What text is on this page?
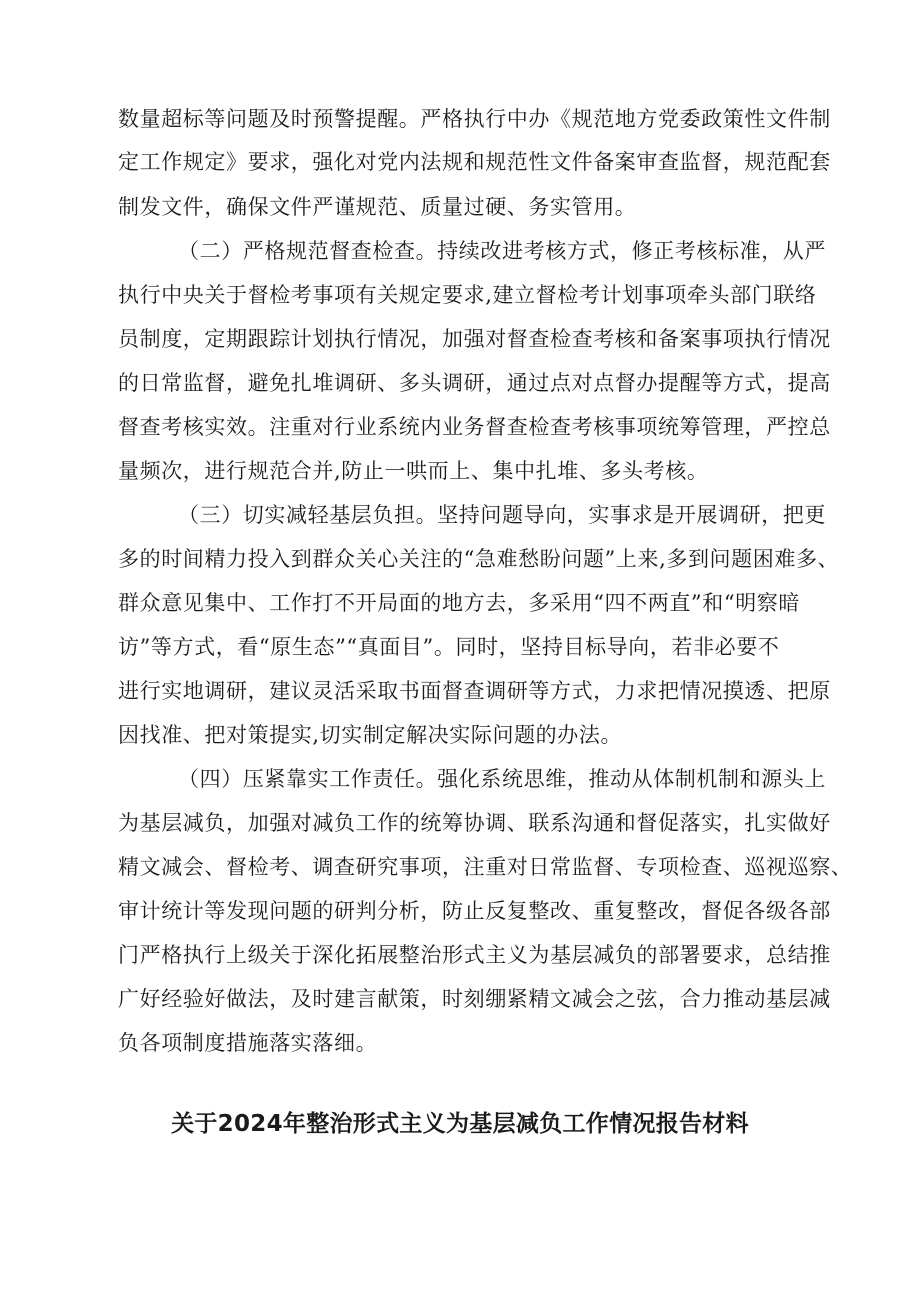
数量超标等问题及时预警提醒。严格执行中办《规范地方党委政策性文件制
定工作规定》要求，强化对党内法规和规范性文件备案审查监督，规范配套
制发文件，确保文件严谨规范、质量过硬、务实管用。
（二）严格规范督查检查。持续改进考核方式，修正考核标准，从严
执行中央关于督检考事项有关规定要求,建立督检考计划事项牵头部门联络
员制度，定期跟踪计划执行情况，加强对督查检查考核和备案事项执行情况
的日常监督，避免扎堆调研、多头调研，通过点对点督办提醒等方式，提高
督查考核实效。注重对行业系统内业务督查检查考核事项统筹管理，严控总
量频次，进行规范合并,防止一哄而上、集中扎堆、多头考核。
（三）切实减轻基层负担。坚持问题导向，实事求是开展调研，把更
多的时间精力投入到群众关心关注的“急难愁盼问题”上来,多到问题困难多、
群众意见集中、工作打不开局面的地方去，多采用“四不两直”和“明察暗
访”等方式，看“原生态”“真面目”。同时，坚持目标导向，若非必要不
进行实地调研，建议灵活采取书面督查调研等方式，力求把情况摸透、把原
因找准、把对策提实,切实制定解决实际问题的办法。
（四）压紧靠实工作责任。强化系统思维，推动从体制机制和源头上
为基层减负，加强对减负工作的统筹协调、联系沟通和督促落实，扎实做好
精文减会、督检考、调查研究事项，注重对日常监督、专项检查、巡视巡察、
审计统计等发现问题的研判分析，防止反复整改、重复整改，督促各级各部
门严格执行上级关于深化拓展整治形式主义为基层减负的部署要求，总结推
广好经验好做法，及时建言献策，时刻绷紧精文减会之弦，合力推动基层减
负各项制度措施落实落细。
关于2024年整治形式主义为基层减负工作情况报告材料
